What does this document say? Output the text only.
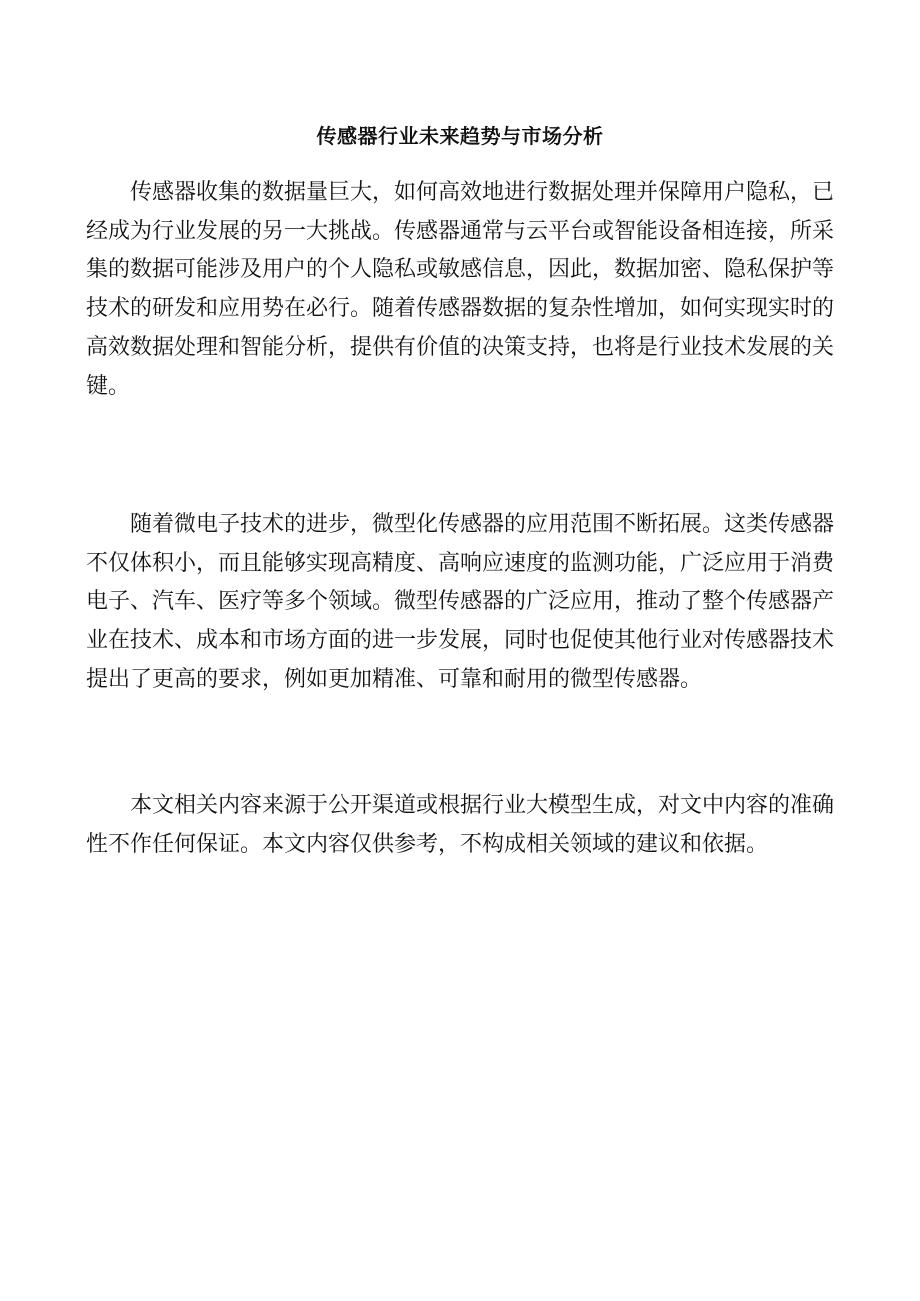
传感器行业未来趋势与市场分析

传感器收集的数据量巨大，如何高效地进行数据处理并保障用户隐私，已经成为行业发展的另一大挑战。传感器通常与云平台或智能设备相连接，所采集的数据可能涉及用户的个人隐私或敏感信息，因此，数据加密、隐私保护等技术的研发和应用势在必行。随着传感器数据的复杂性增加，如何实现实时的高效数据处理和智能分析，提供有价值的决策支持，也将是行业技术发展的关键。

随着微电子技术的进步，微型化传感器的应用范围不断拓展。这类传感器不仅体积小，而且能够实现高精度、高响应速度的监测功能，广泛应用于消费电子、汽车、医疗等多个领域。微型传感器的广泛应用，推动了整个传感器产业在技术、成本和市场方面的进一步发展，同时也促使其他行业对传感器技术提出了更高的要求，例如更加精准、可靠和耐用的微型传感器。

本文相关内容来源于公开渠道或根据行业大模型生成，对文中内容的准确性不作任何保证。本文内容仅供参考，不构成相关领域的建议和依据。
